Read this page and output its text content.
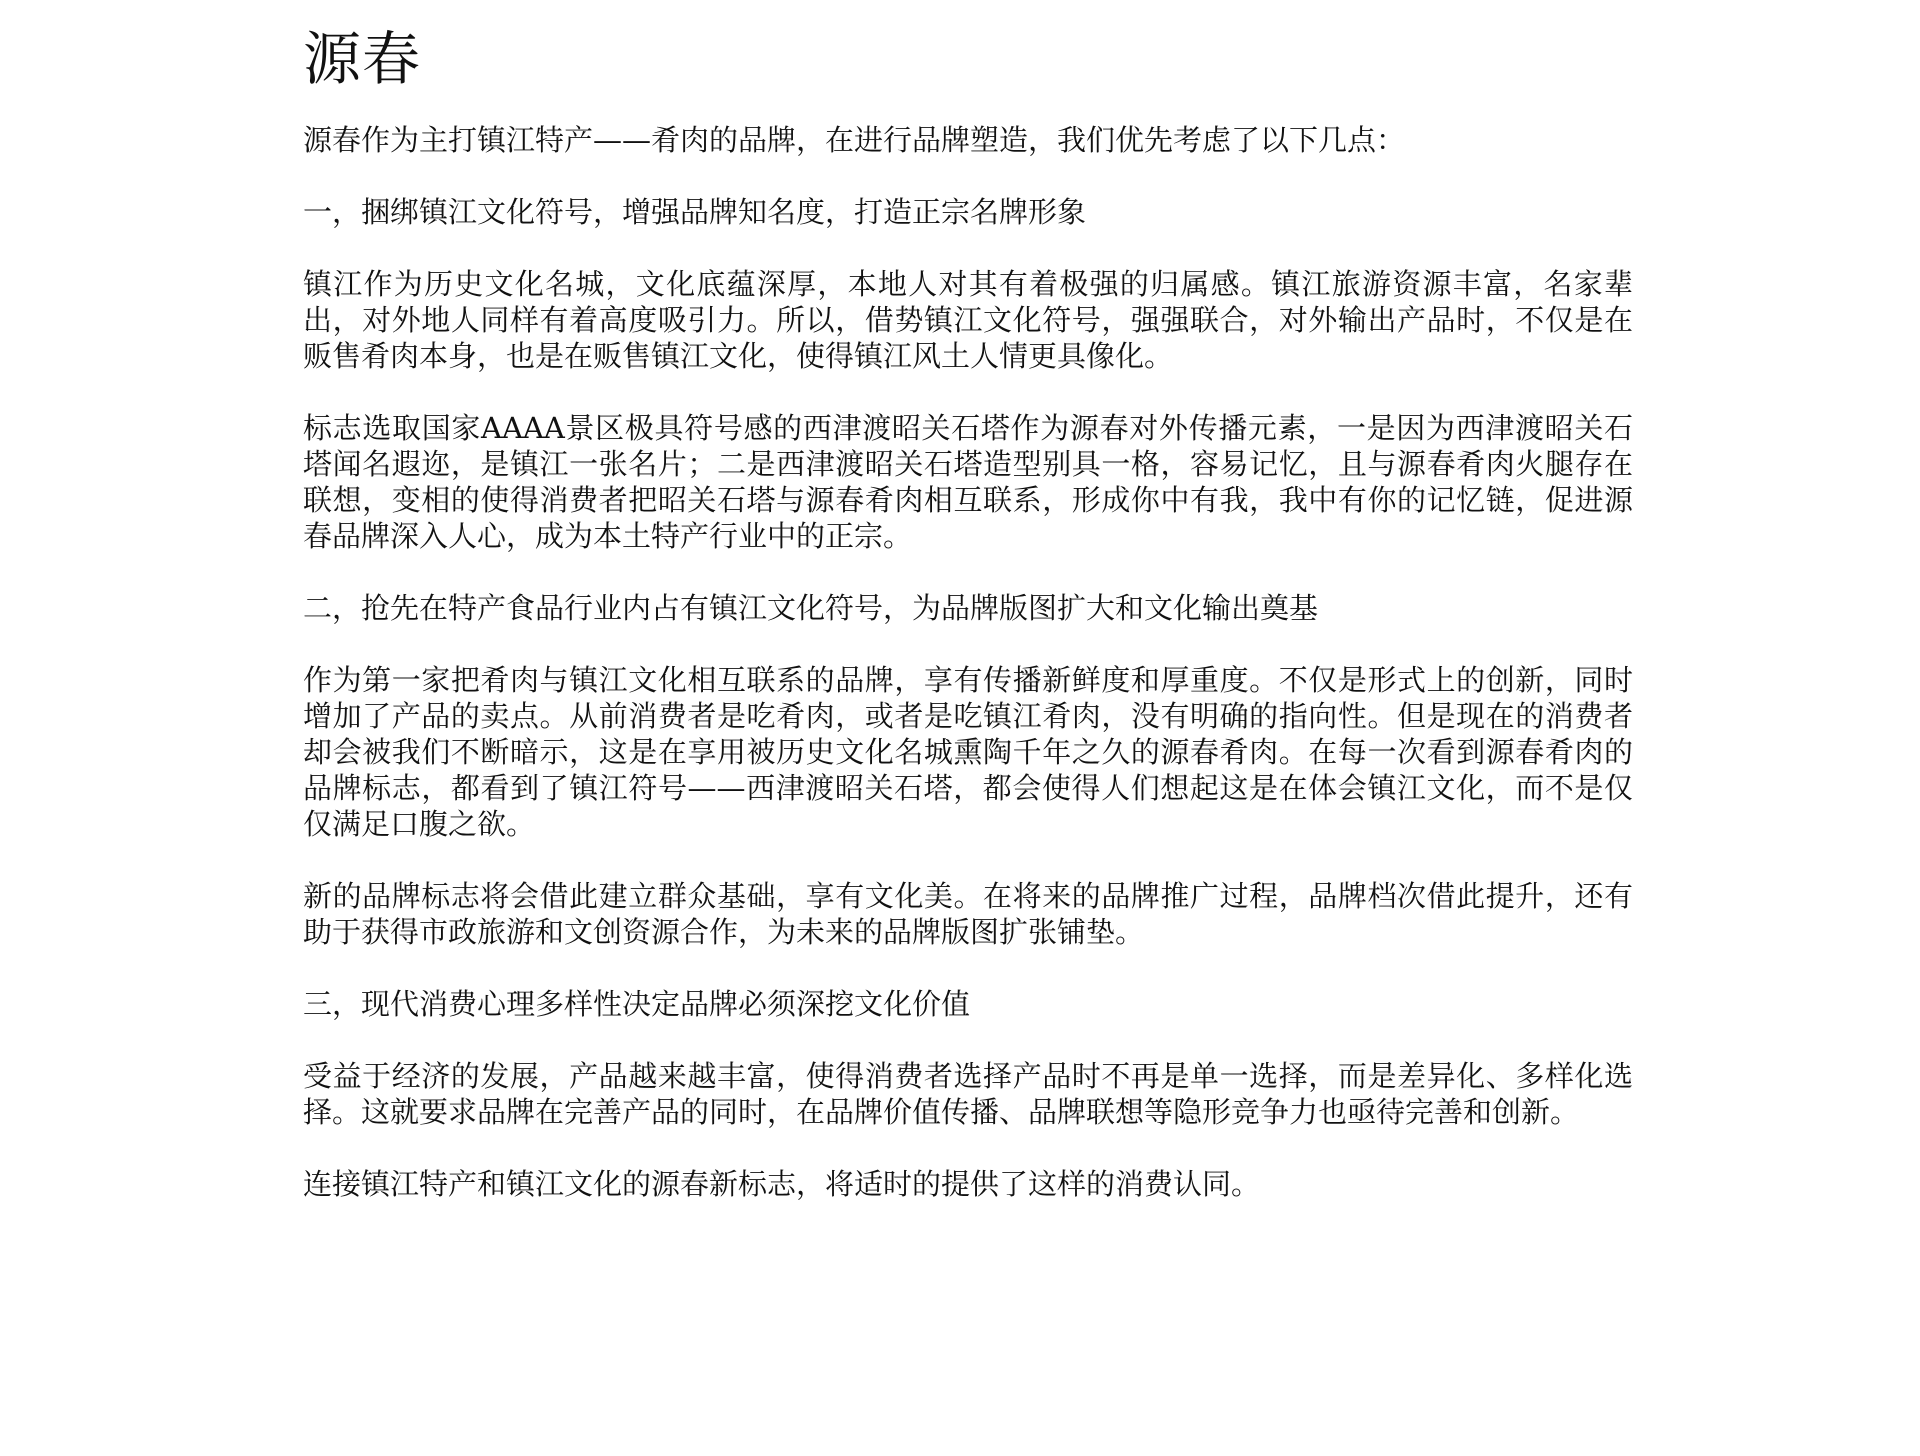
源春

源春作为主打镇江特产——肴肉的品牌，在进行品牌塑造，我们优先考虑了以下几点：

一，捆绑镇江文化符号，增强品牌知名度，打造正宗名牌形象

镇江作为历史文化名城，文化底蕴深厚，本地人对其有着极强的归属感。镇江旅游资源丰富，名家辈出，对外地人同样有着高度吸引力。所以，借势镇江文化符号，强强联合，对外输出产品时，不仅是在贩售肴肉本身，也是在贩售镇江文化，使得镇江风土人情更具像化。

标志选取国家AAAA景区极具符号感的西津渡昭关石塔作为源春对外传播元素，一是因为西津渡昭关石塔闻名遐迩，是镇江一张名片；二是西津渡昭关石塔造型别具一格，容易记忆，且与源春肴肉火腿存在联想，变相的使得消费者把昭关石塔与源春肴肉相互联系，形成你中有我，我中有你的记忆链，促进源春品牌深入人心，成为本土特产行业中的正宗。

二，抢先在特产食品行业内占有镇江文化符号，为品牌版图扩大和文化输出奠基

作为第一家把肴肉与镇江文化相互联系的品牌，享有传播新鲜度和厚重度。不仅是形式上的创新，同时增加了产品的卖点。从前消费者是吃肴肉，或者是吃镇江肴肉，没有明确的指向性。但是现在的消费者却会被我们不断暗示，这是在享用被历史文化名城熏陶千年之久的源春肴肉。在每一次看到源春肴肉的品牌标志，都看到了镇江符号——西津渡昭关石塔，都会使得人们想起这是在体会镇江文化，而不是仅仅满足口腹之欲。

新的品牌标志将会借此建立群众基础，享有文化美。在将来的品牌推广过程，品牌档次借此提升，还有助于获得市政旅游和文创资源合作，为未来的品牌版图扩张铺垫。

三，现代消费心理多样性决定品牌必须深挖文化价值

受益于经济的发展，产品越来越丰富，使得消费者选择产品时不再是单一选择，而是差异化、多样化选择。这就要求品牌在完善产品的同时，在品牌价值传播、品牌联想等隐形竞争力也亟待完善和创新。

连接镇江特产和镇江文化的源春新标志，将适时的提供了这样的消费认同。
